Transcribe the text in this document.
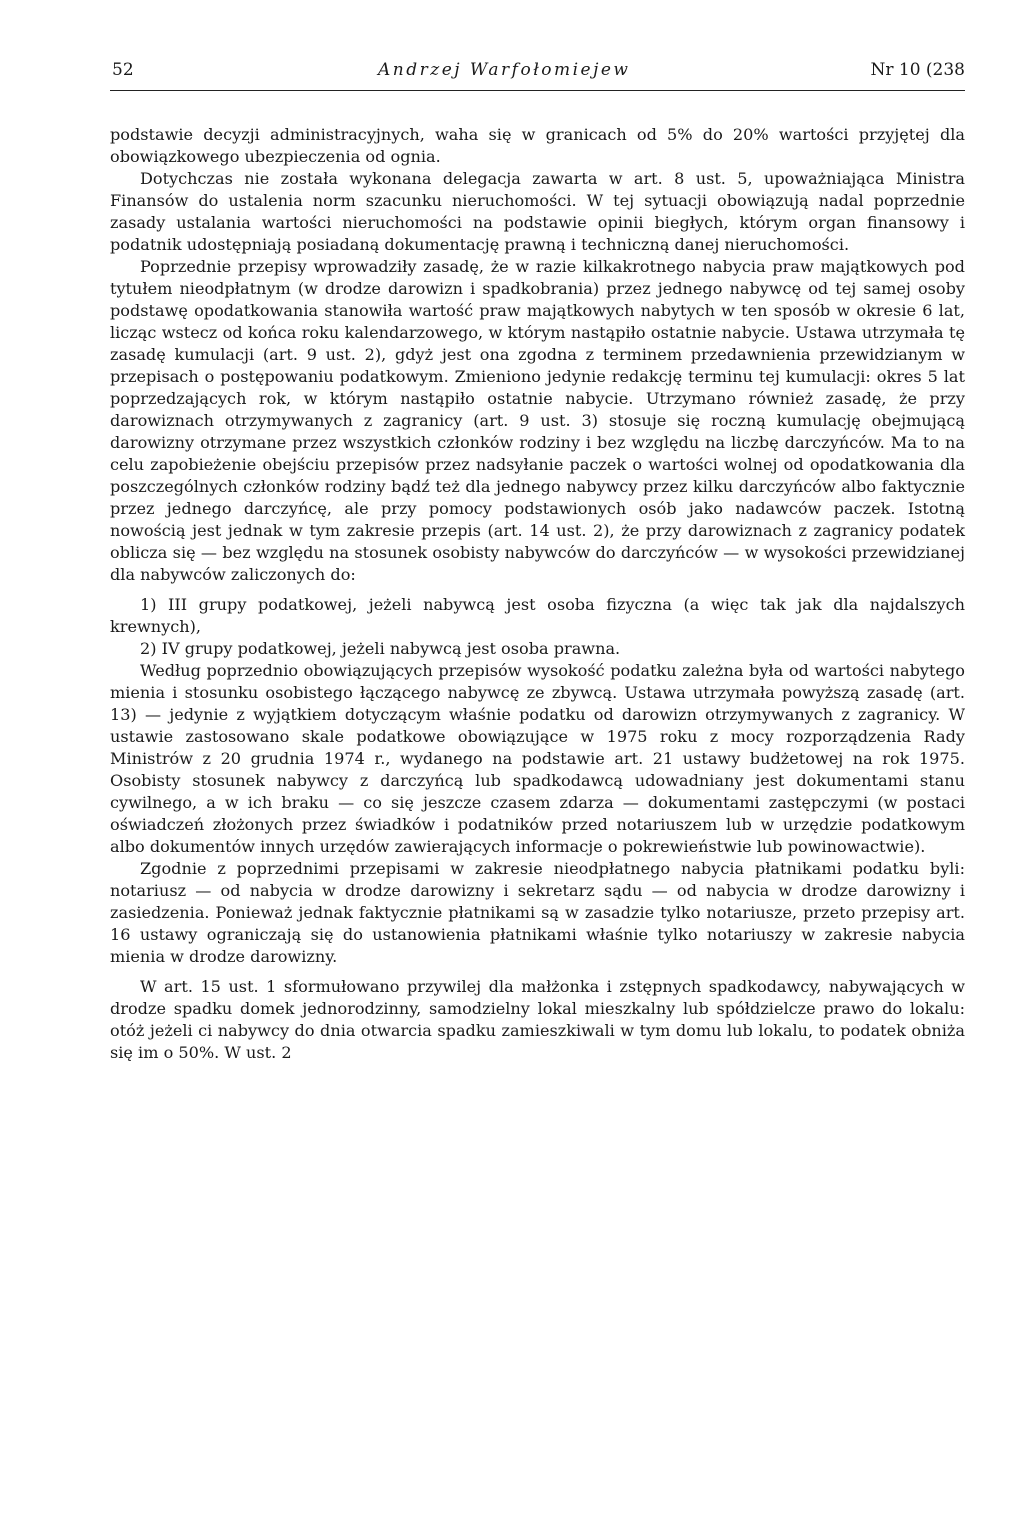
52	Andrzej Warfołomiejew	Nr 10 (238

podstawie decyzji administracyjnych, waha się w granicach od 5% do 20% wartości przyjętej dla obowiązkowego ubezpieczenia od ognia.

Dotychczas nie została wykonana delegacja zawarta w art. 8 ust. 5, upoważniająca Ministra Finansów do ustalenia norm szacunku nieruchomości. W tej sytuacji obowiązują nadal poprzednie zasady ustalania wartości nieruchomości na podstawie opinii biegłych, którym organ finansowy i podatnik udostępniają posiadaną dokumentację prawną i techniczną danej nieruchomości.

Poprzednie przepisy wprowadziły zasadę, że w razie kilkakrotnego nabycia praw majątkowych pod tytułem nieodpłatnym (w drodze darowizn i spadkobrania) przez jednego nabywcę od tej samej osoby podstawę opodatkowania stanowiła wartość praw majątkowych nabytych w ten sposób w okresie 6 lat, licząc wstecz od końca roku kalendarzowego, w którym nastąpiło ostatnie nabycie. Ustawa utrzymała tę zasadę kumulacji (art. 9 ust. 2), gdyż jest ona zgodna z terminem przedawnienia przewidzianym w przepisach o postępowaniu podatkowym. Zmieniono jedynie redakcję terminu tej kumulacji: okres 5 lat poprzedzających rok, w którym nastąpiło ostatnie nabycie. Utrzymano również zasadę, że przy darowiznach otrzymywanych z zagranicy (art. 9 ust. 3) stosuje się roczną kumulację obejmującą darowizny otrzymane przez wszystkich członków rodziny i bez względu na liczbę darczyńców. Ma to na celu zapobieżenie obejściu przepisów przez nadsyłanie paczek o wartości wolnej od opodatkowania dla poszczególnych członków rodziny bądź też dla jednego nabywcy przez kilku darczyńców albo faktycznie przez jednego darczyńcę, ale przy pomocy podstawionych osób jako nadawców paczek. Istotną nowością jest jednak w tym zakresie przepis (art. 14 ust. 2), że przy darowiznach z zagranicy podatek oblicza się — bez względu na stosunek osobisty nabywców do darczyńców — w wysokości przewidzianej dla nabywców zaliczonych do:

1) III grupy podatkowej, jeżeli nabywcą jest osoba fizyczna (a więc tak jak dla najdalszych krewnych),

2) IV grupy podatkowej, jeżeli nabywcą jest osoba prawna.

Według poprzednio obowiązujących przepisów wysokość podatku zależna była od wartości nabytego mienia i stosunku osobistego łączącego nabywcę ze zbywcą. Ustawa utrzymała powyższą zasadę (art. 13) — jedynie z wyjątkiem dotyczącym właśnie podatku od darowizn otrzymywanych z zagranicy. W ustawie zastosowano skale podatkowe obowiązujące w 1975 roku z mocy rozporządzenia Rady Ministrów z 20 grudnia 1974 r., wydanego na podstawie art. 21 ustawy budżetowej na rok 1975. Osobisty stosunek nabywcy z darczyńcą lub spadkodawcą udowadniany jest dokumentami stanu cywilnego, a w ich braku — co się jeszcze czasem zdarza — dokumentami zastępczymi (w postaci oświadczeń złożonych przez świadków i podatników przed notariuszem lub w urzędzie podatkowym albo dokumentów innych urzędów zawierających informacje o pokrewieństwie lub powinowactwie).

Zgodnie z poprzednimi przepisami w zakresie nieodpłatnego nabycia płatnikami podatku byli: notariusz — od nabycia w drodze darowizny i sekretarz sądu — od nabycia w drodze darowizny i zasiedzenia. Ponieważ jednak faktycznie płatnikami są w zasadzie tylko notariusze, przeto przepisy art. 16 ustawy ograniczają się do ustanowienia płatnikami właśnie tylko notariuszy w zakresie nabycia mienia w drodze darowizny.

W art. 15 ust. 1 sformułowano przywilej dla małżonka i zstępnych spadkodawcy, nabywających w drodze spadku domek jednorodzinny, samodzielny lokal mieszkalny lub spółdzielcze prawo do lokalu: otóż jeżeli ci nabywcy do dnia otwarcia spadku zamieszkiwali w tym domu lub lokalu, to podatek obniża się im o 50%. W ust. 2
